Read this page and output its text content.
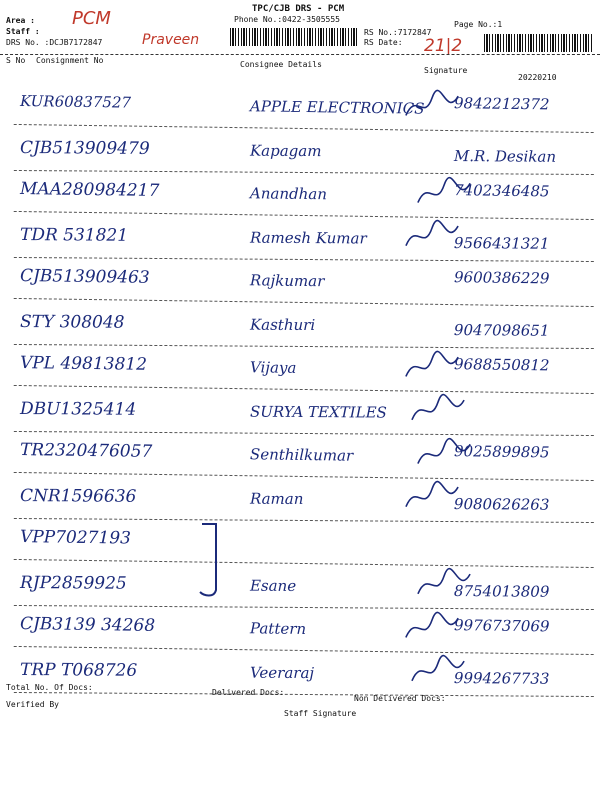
Area : PCM
Staff :
DRS No. :DCJB7172847	Praveen
TPC/CJB DRS - PCM
Phone No.:0422-3505555
RS No.:7172847
RS Date: 21|2
Page No.:1
S No Consignment No	Consignee Details
Signature
20220210
KUR60837527	APPLE ELECTRONICS 9842212372
CJB513909479	Kapagam	M.R. Desikan
MAA280984217	Anandhan	7402346485
TDR 531821	Ramesh Kumar	9566431321
CJB513909463	Rajkumar	9600386229
STY 308048	Kasthuri	9047098651
VPL 49813812	Vijaya	9688550812
DBU1325414	SURYA TEXTILES
TR2320476057	Senthilkumar	9025899895
CNR1596636	Raman	9080626263
VPP7027193
RJP2859925	Esane	8754013809
CJB3139 34268	Pattern	9976737069
TRP T068726	Veeraraj	9994267733
Total No. Of Docs:
Delivered Docs:
Non Delivered Docs:
Verified By
Staff Signature
